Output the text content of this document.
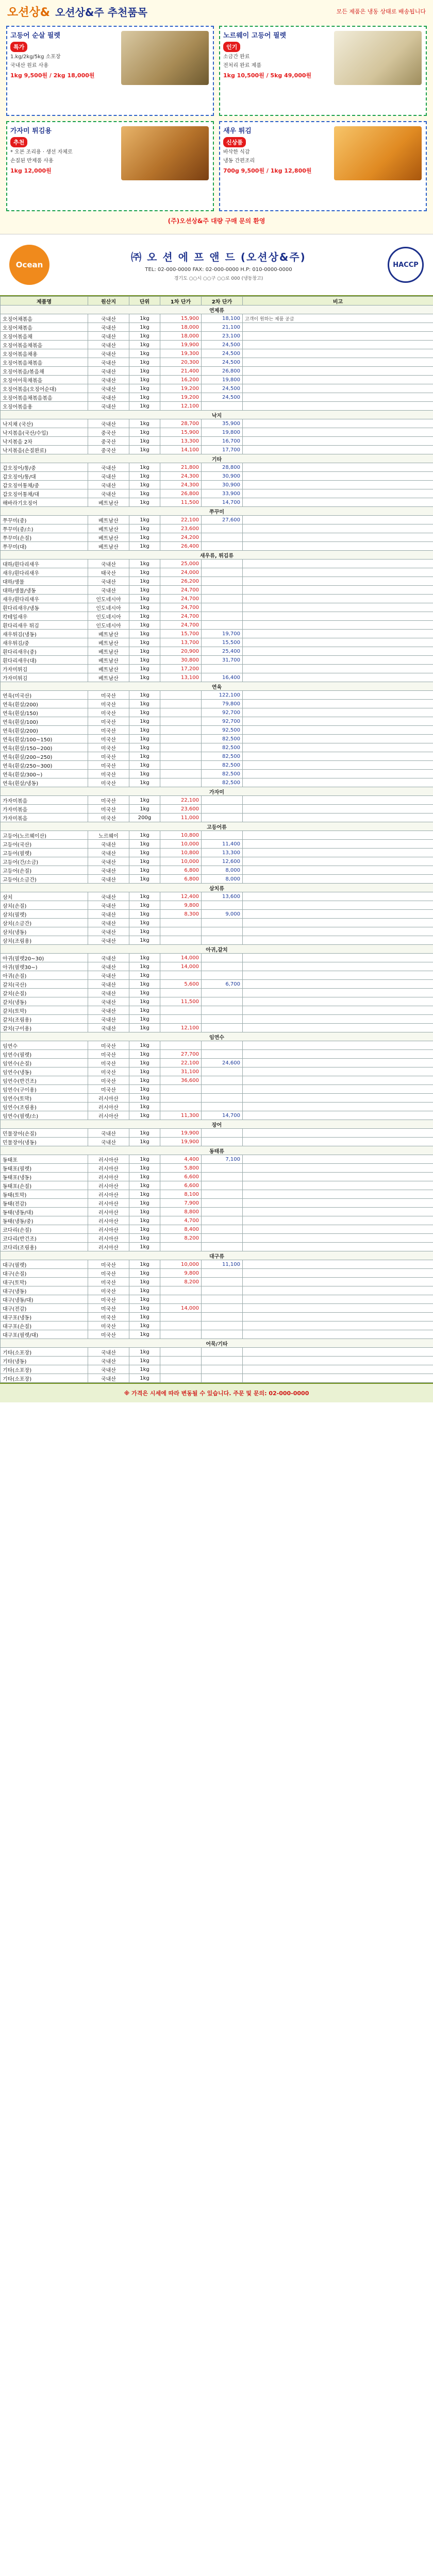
오션상& 오션상&주 추천품목	모든 제품은 냉동 상태로 배송됩니다
고등어 순살 필렛
특가
1.kg/2kg/5kg 소포장
국내산 원료 사용
1kg 9,500원 / 2kg 18,000원
노르웨이 고등어 필렛
인기
소금간 완료
전처리 완료 제품
1kg 10,500원 / 5kg 49,000원
가자미 튀김용
추천
* 오븐 조리용 · 생선 자체로
손질된 반제품 사용
1kg 12,000원
새우 튀김
신상품
바삭한 식감
냉동 간편조리
700g 9,500원 / 1kg 12,800원
(주)오션상&주 대량 구매 문의 환영
Ocean
㈜ 오 션 에 프 앤 드 (오션상&주)
TEL: 02-000-0000 FAX: 02-000-0000 H.P: 010-0000-0000
경기도 ○○시 ○○구 ○○로 000 (냉동창고)
HACCP
제품명	원산지	단위	1차 단가	2차 단가	비고
연제류					
오징어채볶음	국내산	1kg	15,900	18,100	고객이 원하는 제품 공급
오징어채볶음	국내산	1kg	18,000	21,100	
오징어볶음채	국내산	1kg	18,000	23,100	
오징어볶음채볶음	국내산	1kg	19,900	24,500	
오징어볶음채용	국내산	1kg	19,300	24,500	
오징어볶음채볶음	국내산	1kg	20,300	24,500	
오징어볶음/볶음채	국내산	1kg	21,400	26,800	
오징어어묵채볶음	국내산	1kg	16,200	19,800	
오징어볶음(오징어순대)	국내산	1kg	19,200	24,500	
오징어볶음채볶음볶음	국내산	1kg	19,200	24,500	
오징어볶음용	국내산	1kg	12,100		
낙지					
낙지채 (국산)	국내산	1kg	28,700	35,900	
낙지볶음(국산/수입)	중국산	1kg	15,900	19,800	
낙지볶음 2차	중국산	1kg	13,300	16,700	
낙지볶음(손질완료)	중국산	1kg	14,100	17,700	
기타					
갑오징어/통/중	국내산	1kg	21,800	28,800	
갑오징어/통/대	국내산	1kg	24,300	30,900	
갑오징어통채/중	국내산	1kg	24,300	30,900	
갑오징어통채/대	국내산	1kg	26,800	33,900	
해바라기오징어	베트남산	1kg	11,500	14,700	
쭈꾸미					
쭈꾸미(중)	베트남산	1kg	22,100	27,600	
쭈꾸미(중/소)	베트남산	1kg	23,600		
쭈꾸미(손질)	베트남산	1kg	24,200		
쭈꾸미(대)	베트남산	1kg	26,400		
새우류, 튀김류					
대하/흰다리새우	국내산	1kg	25,000		
새우/흰다리새우	태국산	1kg	24,000		
대하/생물	국내산	1kg	26,200		
대하/생물/냉동	국내산	1kg	24,700		
새우/흰다리새우	인도네시아	1kg	24,700		
흰다리새우/냉동	인도네시아	1kg	24,700		
칵테일새우	인도네시아	1kg	24,700		
흰다리새우 튀김	인도네시아	1kg	24,700		
새우튀김(냉동)	베트남산	1kg	15,700	19,700	
새우튀김/중	베트남산	1kg	13,700	15,500	
흰다리새우(중)	베트남산	1kg	20,900	25,400	
흰다리새우(대)	베트남산	1kg	30,800	31,700	
가자미튀김	베트남산	1kg	17,200		
가자미튀김	베트남산	1kg	13,100	16,400	
연육					
연육(미국산)	미국산	1kg		122,100	
연육(흰살/200)	미국산	1kg		79,800	
연육(흰살/150)	미국산	1kg		92,700	
연육(흰살/100)	미국산	1kg		92,700	
연육(흰살/200)	미국산	1kg		92,500	
연육(흰살/100~150)	미국산	1kg		82,500	
연육(흰살/150~200)	미국산	1kg		82,500	
연육(흰살/200~250)	미국산	1kg		82,500	
연육(흰살/250~300)	미국산	1kg		82,500	
연육(흰살/300~)	미국산	1kg		82,500	
연육(흰살/냉동)	미국산	1kg		82,500	
가자미					
가자미볶음	미국산	1kg	22,100		
가자미볶음	미국산	1kg	23,600		
가자미볶음	미국산	200g	11,000		
고등어류					
고등어(노르웨이산)	노르웨이	1kg	10,800		
고등어(국산)	국내산	1kg	10,000	11,400	
고등어(필렛)	국내산	1kg	10,800	13,300	
고등어(간/소금)	국내산	1kg	10,000	12,600	
고등어(손질)	국내산	1kg	6,800	8,000	
고등어(소금간)	국내산	1kg	6,800	8,000	
삼치류					
삼치	국내산	1kg	12,400	13,600	
삼치(손질)	국내산	1kg	9,800		
삼치(필렛)	국내산	1kg	8,300	9,000	
삼치(소금간)	국내산	1kg			
삼치(냉동)	국내산	1kg			
삼치(조림용)	국내산	1kg			
아귀,갈치					
아귀(필렛20~30)	국내산	1kg	14,000		
아귀(필렛30~)	국내산	1kg	14,000		
아귀(손질)	국내산	1kg			
갈치(국산)	국내산	1kg	5,600	6,700	
갈치(손질)	국내산	1kg			
갈치(냉동)	국내산	1kg	11,500		
갈치(토막)	국내산	1kg			
갈치(조림용)	국내산	1kg			
갈치(구이용)	국내산	1kg	12,100		
임연수					
임연수	미국산	1kg			
임연수(필렛)	미국산	1kg	27,700		
임연수(손질)	미국산	1kg	22,100	24,600	
임연수(냉동)	미국산	1kg	31,100		
임연수(반건조)	미국산	1kg	36,600		
임연수(구이용)	미국산	1kg			
임연수(토막)	러시아산	1kg			
임연수(조림용)	러시아산	1kg			
임연수(필렛/소)	러시아산	1kg	11,300	14,700	
장어					
민물장어(손질)	국내산	1kg	19,900		
민물장어(냉동)	국내산	1kg	19,900		
동태류					
동태포	러시아산	1kg	4,400	7,100	
동태포(필렛)	러시아산	1kg	5,800		
동태포(냉동)	러시아산	1kg	6,600		
동태포(손질)	러시아산	1kg	6,600		
동태(토막)	러시아산	1kg	8,100		
동태(전감)	러시아산	1kg	7,900		
동태(냉동/대)	러시아산	1kg	8,800		
동태(냉동/중)	러시아산	1kg	4,700		
코다리(손질)	러시아산	1kg	8,400		
코다리(반건조)	러시아산	1kg	8,200		
코다리(조림용)	러시아산	1kg			
대구류					
대구(필렛)	미국산	1kg	10,000	11,100	
대구(손질)	미국산	1kg	9,800		
대구(토막)	미국산	1kg	8,200		
대구(냉동)	미국산	1kg			
대구(냉동/대)	미국산	1kg			
대구(전감)	미국산	1kg	14,000		
대구포(냉동)	미국산	1kg			
대구포(손질)	미국산	1kg			
대구포(필렛/대)	미국산	1kg			
어묵/기타					
기타(소포장)	국내산	1kg			
기타(냉동)	국내산	1kg			
기타(소포장)	국내산	1kg			
기타(소포장)	국내산	1kg			
※ 가격은 시세에 따라 변동될 수 있습니다. 주문 및 문의: 02-000-0000
